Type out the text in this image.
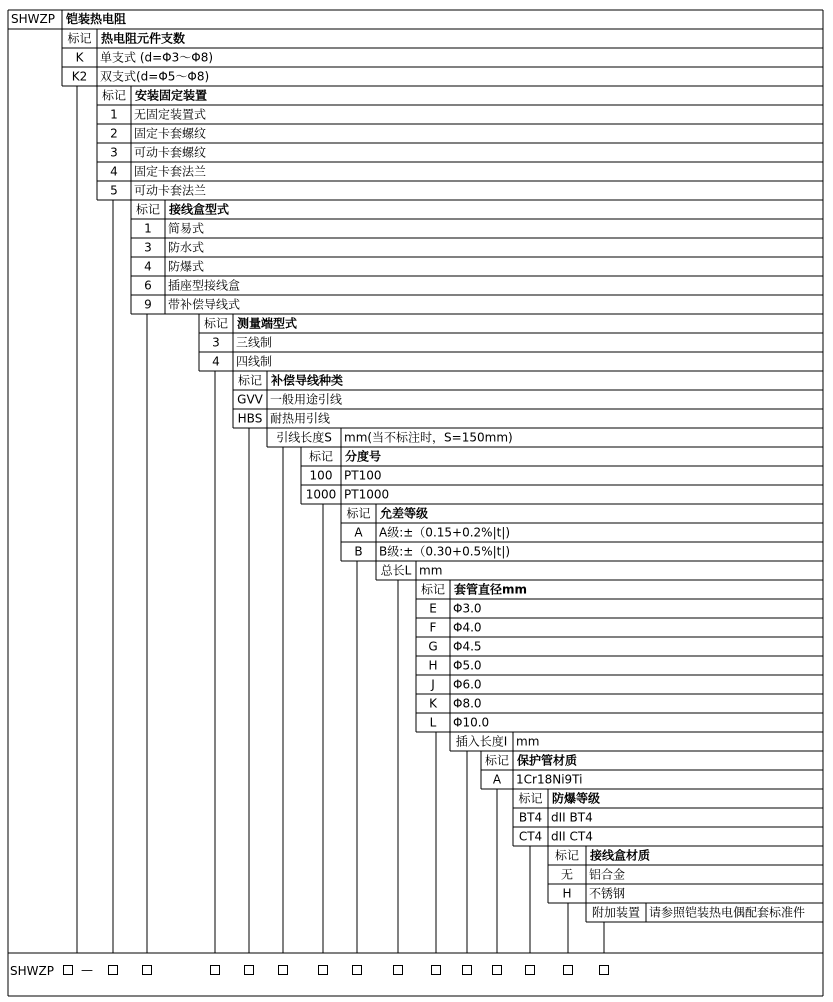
SHWZP 铠装热电阻
标记 热电阻元件支数
K 单支式 (d=Φ3～Φ8)
K2 双支式(d=Φ5～Φ8)
标记 安装固定装置
1 无固定装置式
2 固定卡套螺纹
3 可动卡套螺纹
4 固定卡套法兰
5 可动卡套法兰
标记 接线盒型式
1 简易式
3 防水式
4 防爆式
6 插座型接线盒
9 带补偿导线式
标记 测量端型式
3 三线制
4 四线制
标记 补偿导线种类
GVV 一般用途引线
HBS 耐热用引线
引线长度S mm(当不标注时，S=150mm)
标记 分度号
100 PT100
1000 PT1000
标记 允差等级
A A级:±（0.15+0.2%|t|)
B B级:±（0.30+0.5%|t|)
总长L mm
标记 套管直径mm
E Φ3.0
F Φ4.0
G Φ4.5
H Φ5.0
J Φ6.0
K Φ8.0
L Φ10.0
插入长度I mm
标记 保护管材质
A 1Cr18Ni9Ti
标记 防爆等级
BT4 dII BT4
CT4 dII CT4
标记 接线盒材质
无 铝合金
H 不锈钢
附加装置 请参照铠装热电偶配套标准件
SHWZP —
